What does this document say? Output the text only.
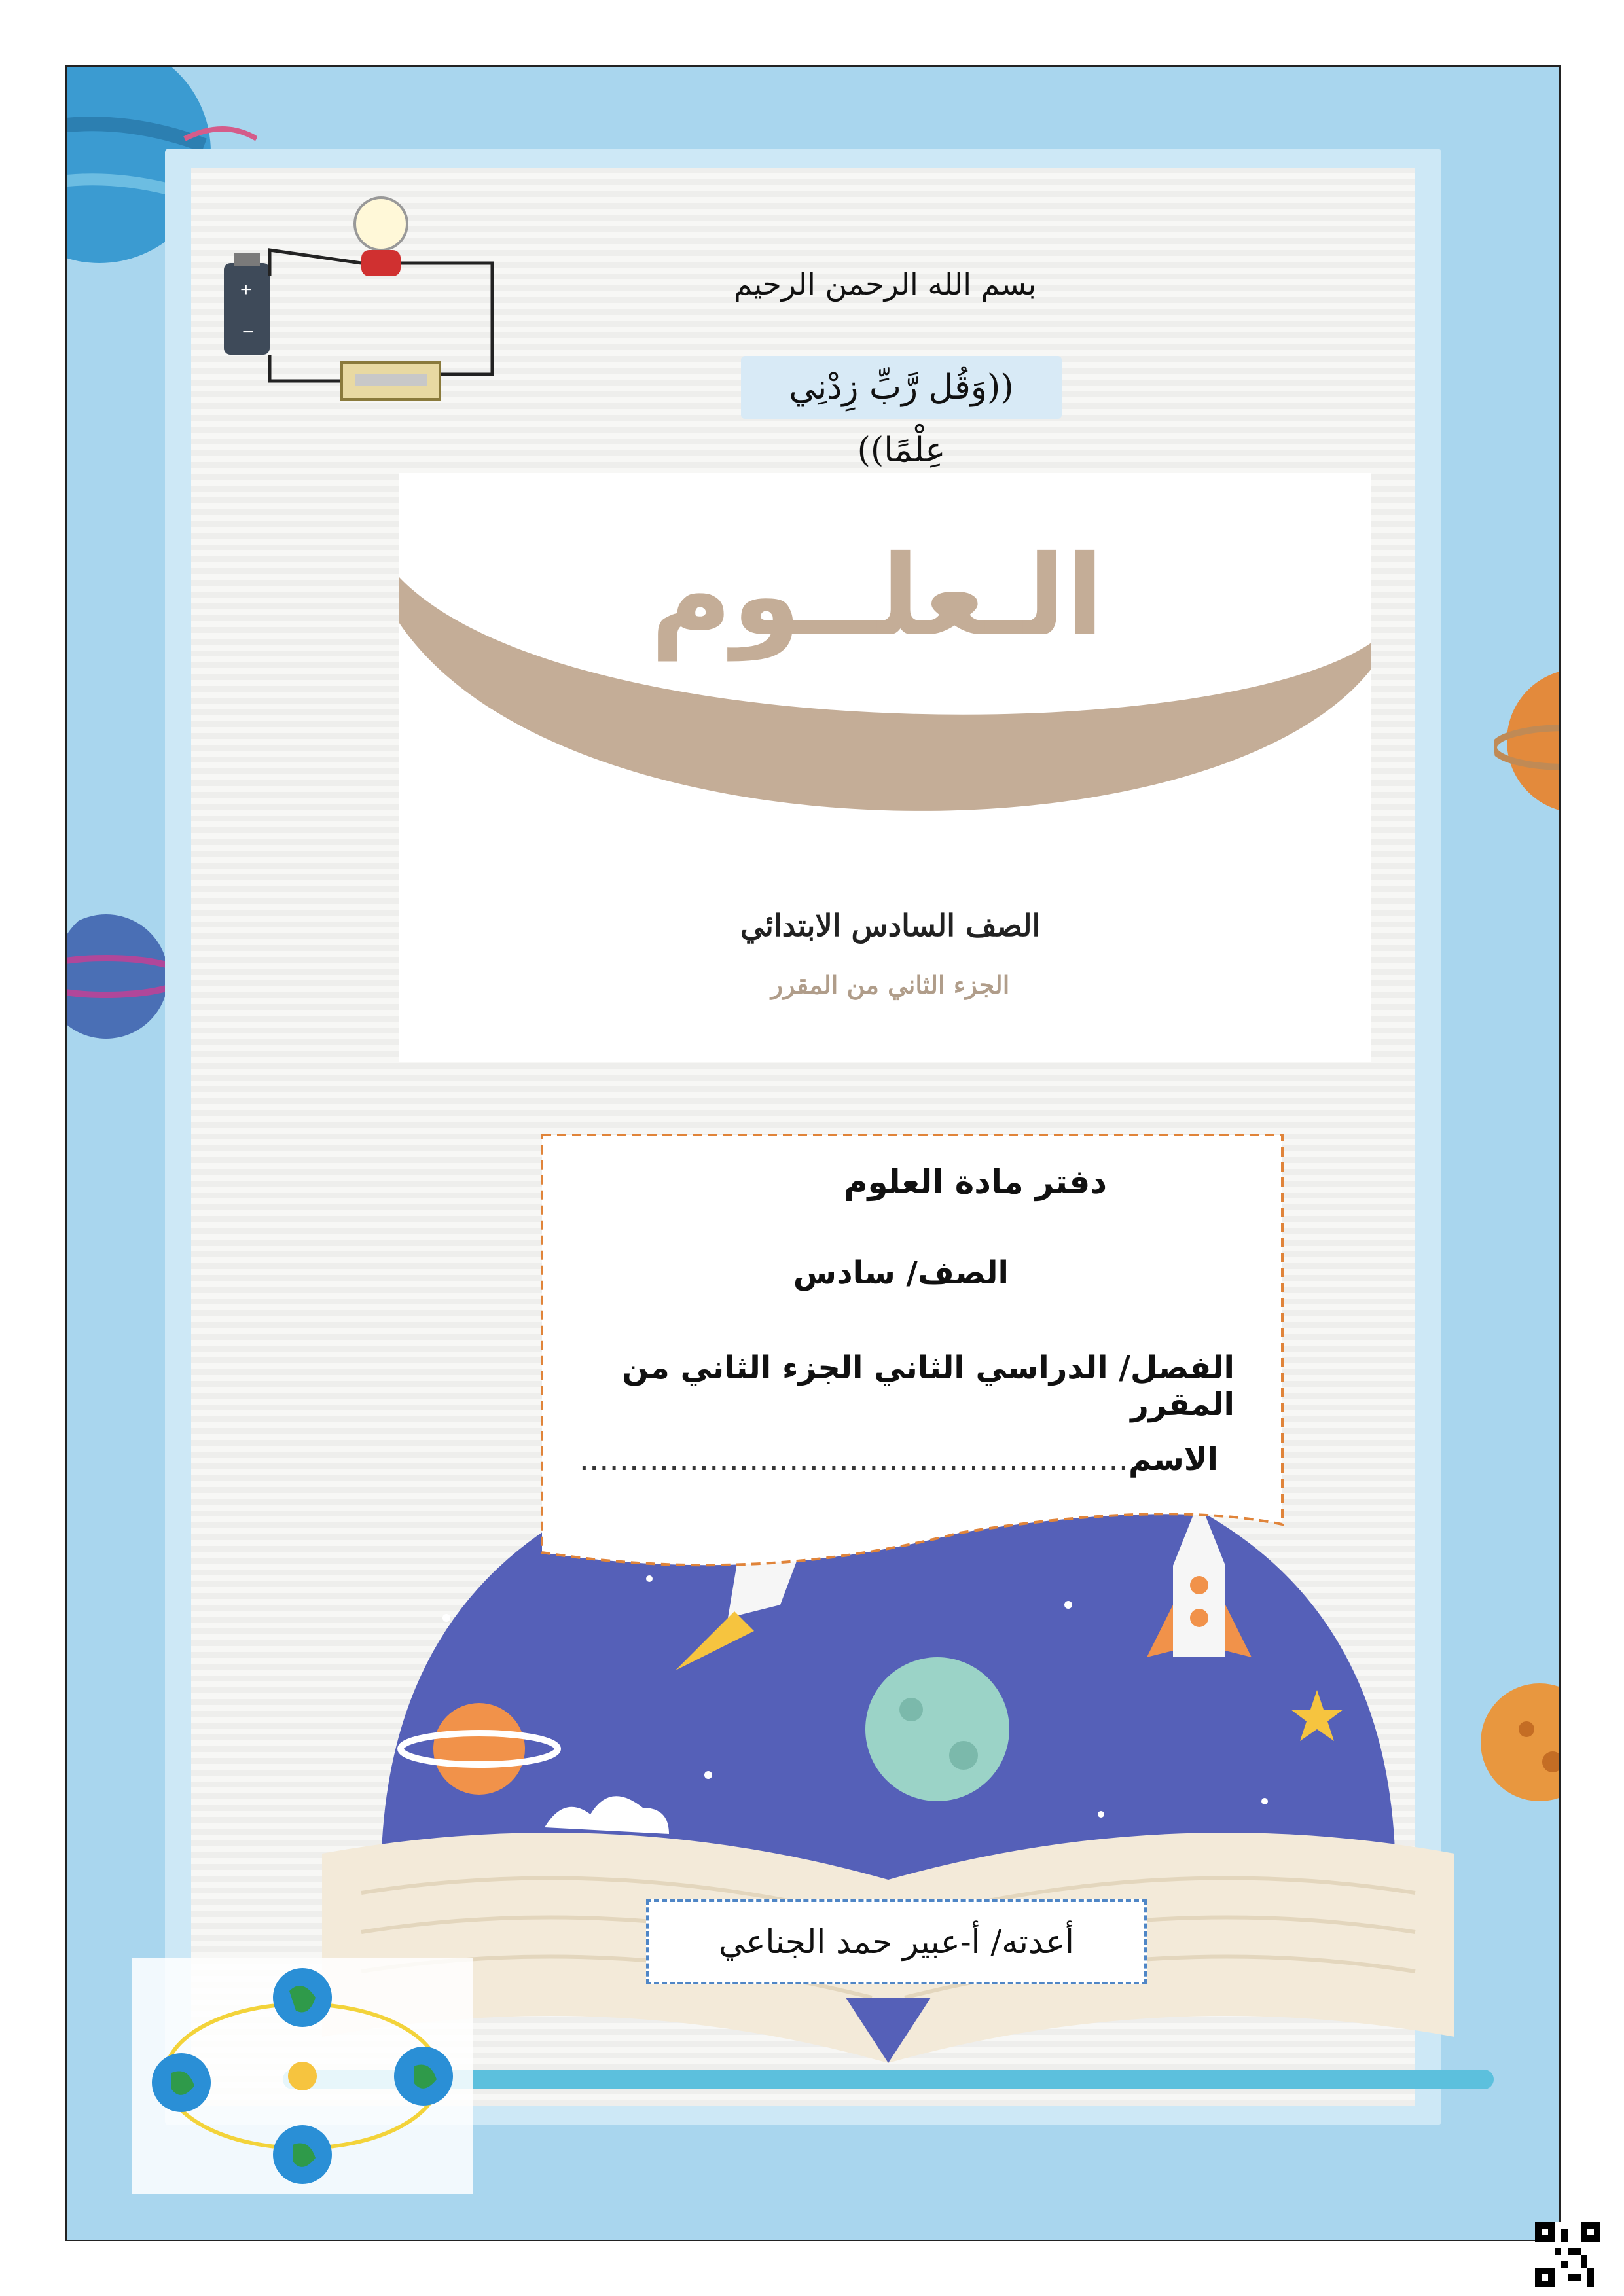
+
−
بسم الله الرحمن الرحيم
((وَقُل رَّبِّ زِدْنِي عِلْمًا))
الـعلــوم
الصف السادس الابتدائي
الجزء الثاني من المقرر
دفتر مادة العلوم
الصف/ سادس
الفصل/ الدراسي الثاني الجزء الثاني من المقرر
الاسم.......................................................
أعدته/ أ-عبير حمد الجناعي
